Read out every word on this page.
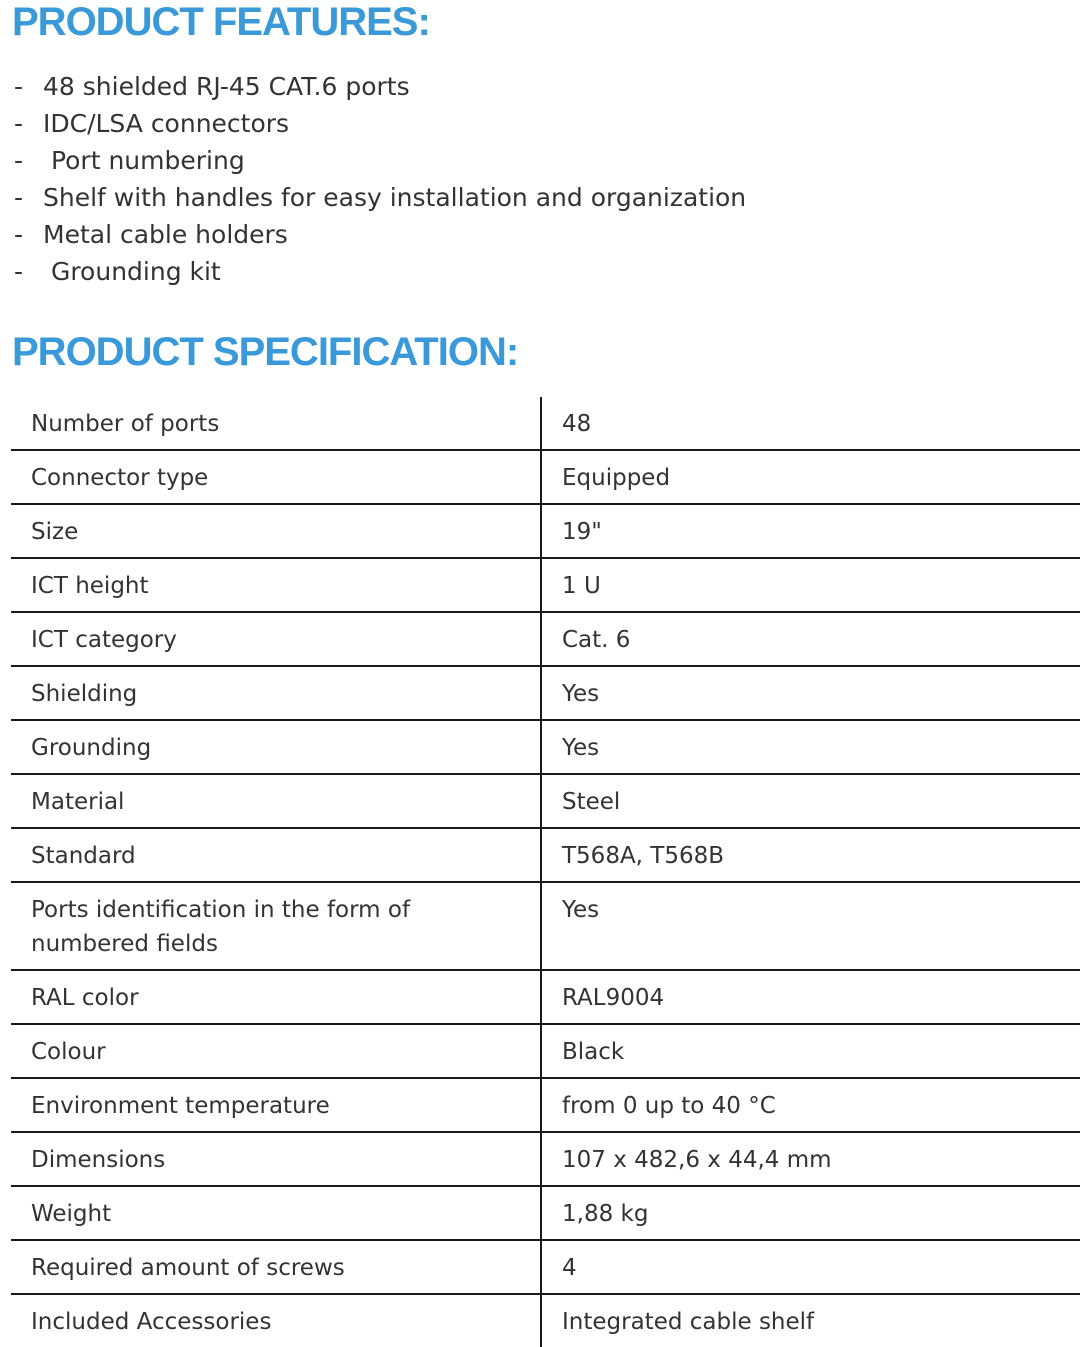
PRODUCT FEATURES:
- 48 shielded RJ-45 CAT.6 ports
- IDC/LSA connectors
- Port numbering
- Shelf with handles for easy installation and organization
- Metal cable holders
- Grounding kit
PRODUCT SPECIFICATION:
Number of ports	48
Connector type	Equipped
Size	19"
ICT height	1 U
ICT category	Cat. 6
Shielding	Yes
Grounding	Yes
Material	Steel
Standard	T568A, T568B
Ports identification in the form of numbered fields	Yes
RAL color	RAL9004
Colour	Black
Environment temperature	from 0 up to 40 °C
Dimensions	107 x 482,6 x 44,4 mm
Weight	1,88 kg
Required amount of screws	4
Included Accessories	Integrated cable shelf
